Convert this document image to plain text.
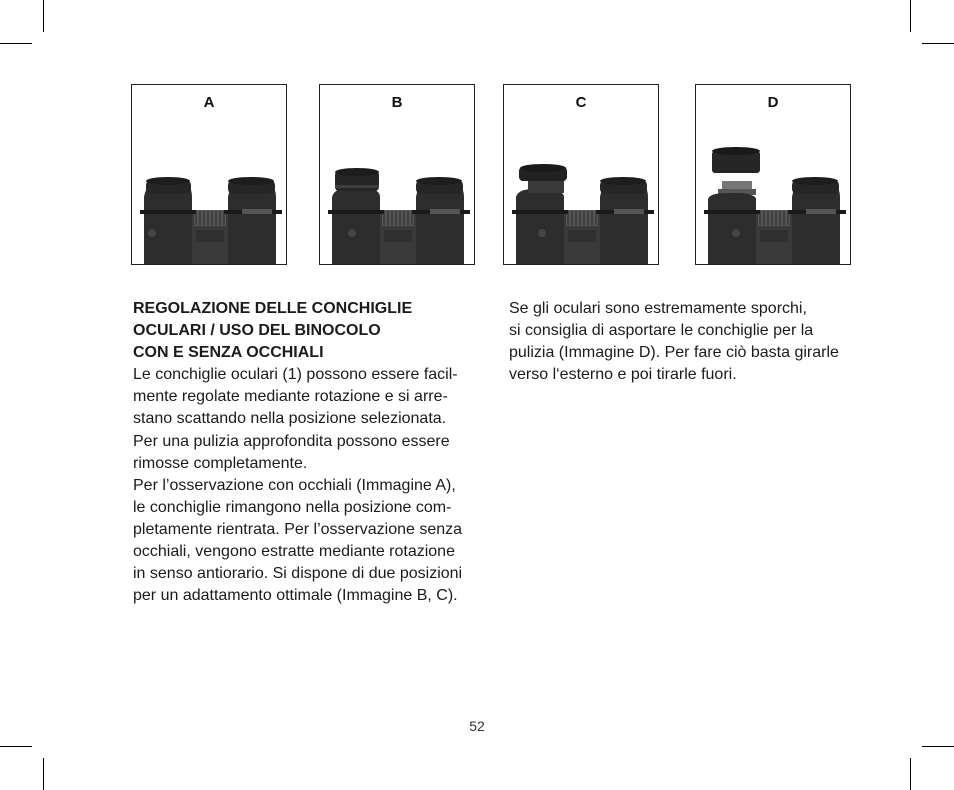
A	B	C	D
REGOLAZIONE DELLE CONCHIGLIE
OCULARI / USO DEL BINOCOLO
CON E SENZA OCCHIALI
Le conchiglie oculari (1) possono essere facil-
mente regolate mediante rotazione e si arre-
stano scattando nella posizione selezionata.
Per una pulizia approfondita possono essere
rimosse completamente.
Per l’osservazione con occhiali (Immagine A),
le conchiglie rimangono nella posizione com-
pletamente rientrata. Per l’osservazione senza
occhiali, vengono estratte mediante rotazione
in senso antiorario. Si dispone di due posizioni
per un adattamento ottimale (Immagine B, C).
Se gli oculari sono estremamente sporchi,
si consiglia di asportare le conchiglie per la
pulizia (Immagine D). Per fare ciò basta girarle
verso l‘esterno e poi tirarle fuori.
52
